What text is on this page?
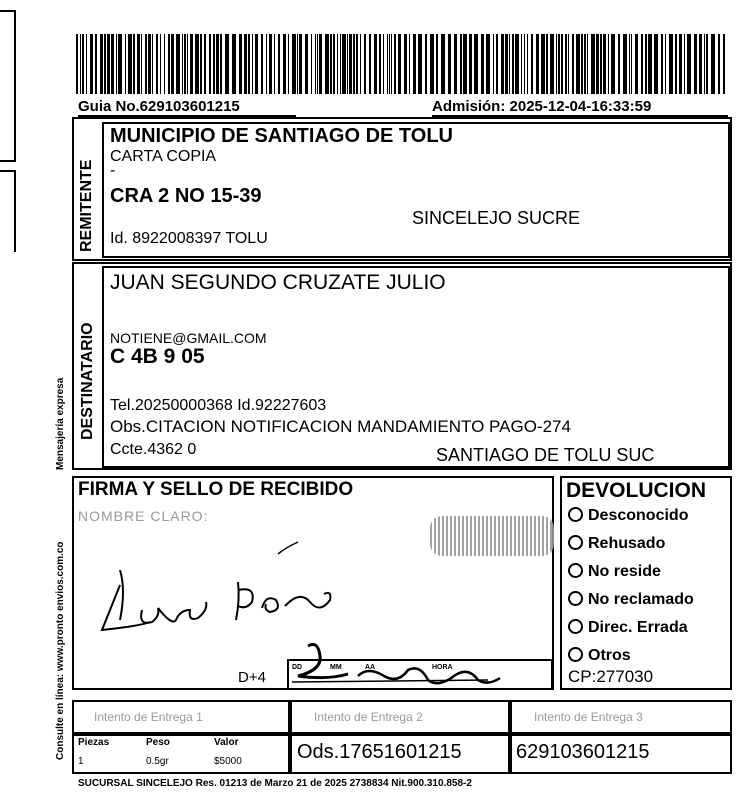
Guia No.629103601215	Admisión: 2025-12-04-16:33:59
REMITENTE
MUNICIPIO DE SANTIAGO DE TOLU
CARTA COPIA
-
CRA 2 NO 15-39
SINCELEJO SUCRE
Id. 8922008397 TOLU
DESTINATARIO
JUAN SEGUNDO CRUZATE JULIO
NOTIENE@GMAIL.COM
C 4B 9 05
Tel.20250000368 Id.92227603
Obs.CITACION NOTIFICACION MANDAMIENTO PAGO-274
Ccte.4362 0	SANTIAGO DE TOLU SUC
Mensajería expresa
Consulte en línea: www.pronto envios.com.co
FIRMA Y SELLO DE RECIBIDO
NOMBRE CLARO:
D+4
DD	MM	AA	HORA
DEVOLUCION
Desconocido
Rehusado
No reside
No reclamado
Direc. Errada
Otros
CP:277030
Intento de Entrega 1	Intento de Entrega 2	Intento de Entrega 3
Piezas	Peso	Valor
1	0.5gr	$5000	Ods.17651601215	629103601215
SUCURSAL SINCELEJO Res. 01213 de Marzo 21 de 2025 2738834 Nit.900.310.858-2
